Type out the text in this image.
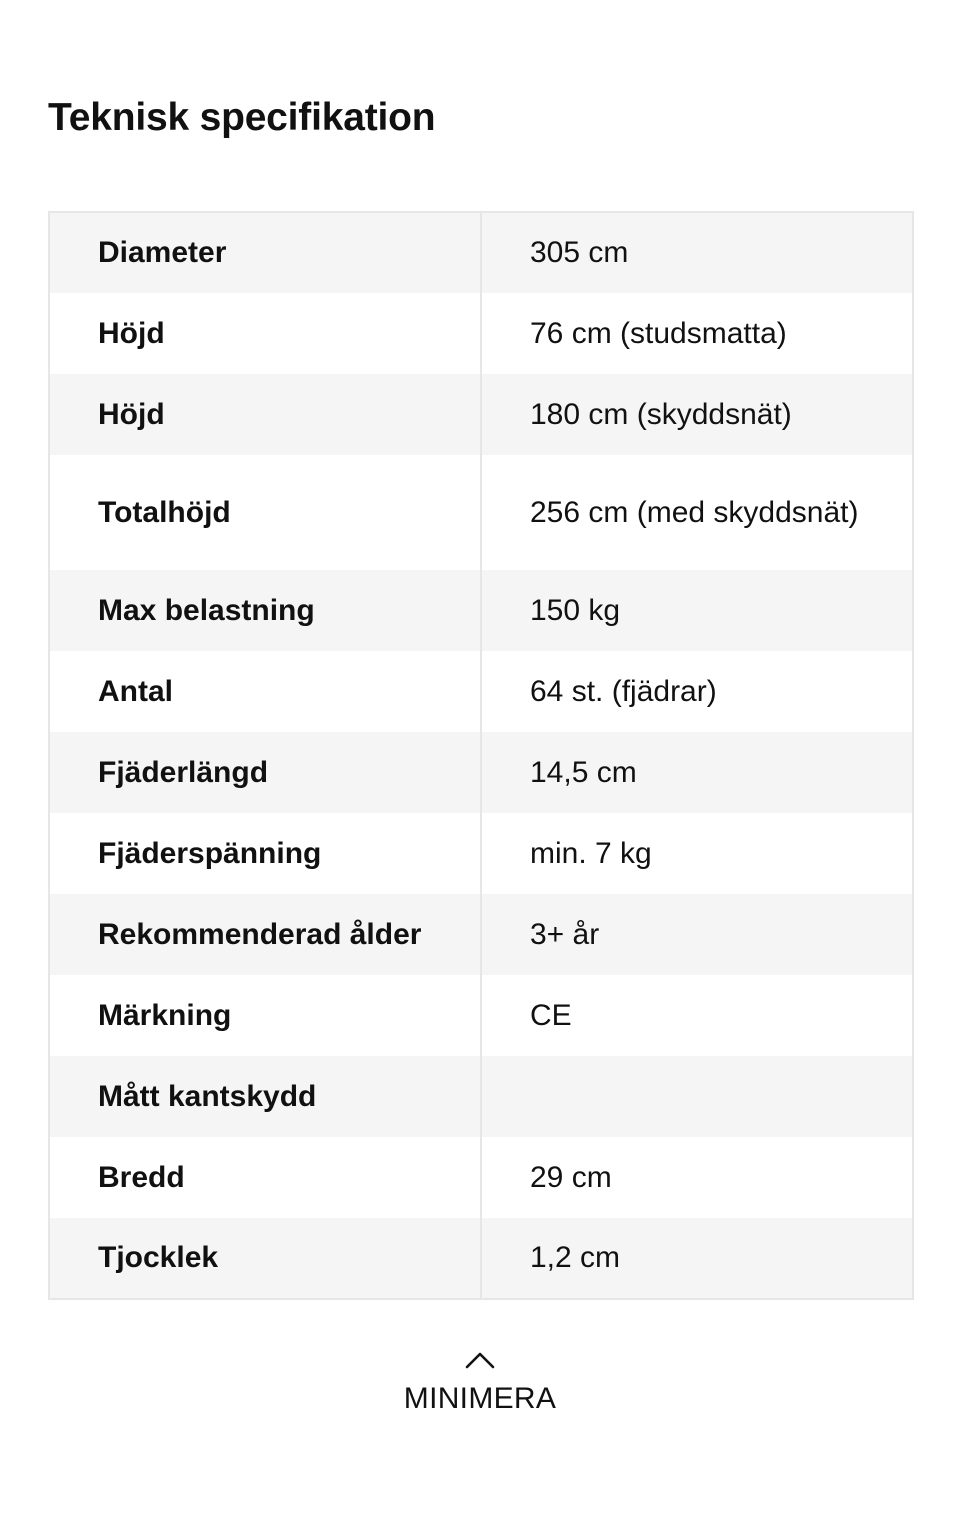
Teknisk specifikation
Diameter	305 cm
Höjd	76 cm (studsmatta)
Höjd	180 cm (skyddsnät)
Totalhöjd	256 cm (med skyddsnät)
Max belastning	150 kg
Antal	64 st. (fjädrar)
Fjäderlängd	14,5 cm
Fjäderspänning	min. 7 kg
Rekommenderad ålder	3+ år
Märkning	CE
Mått kantskydd	
Bredd	29 cm
Tjocklek	1,2 cm
MINIMERA
